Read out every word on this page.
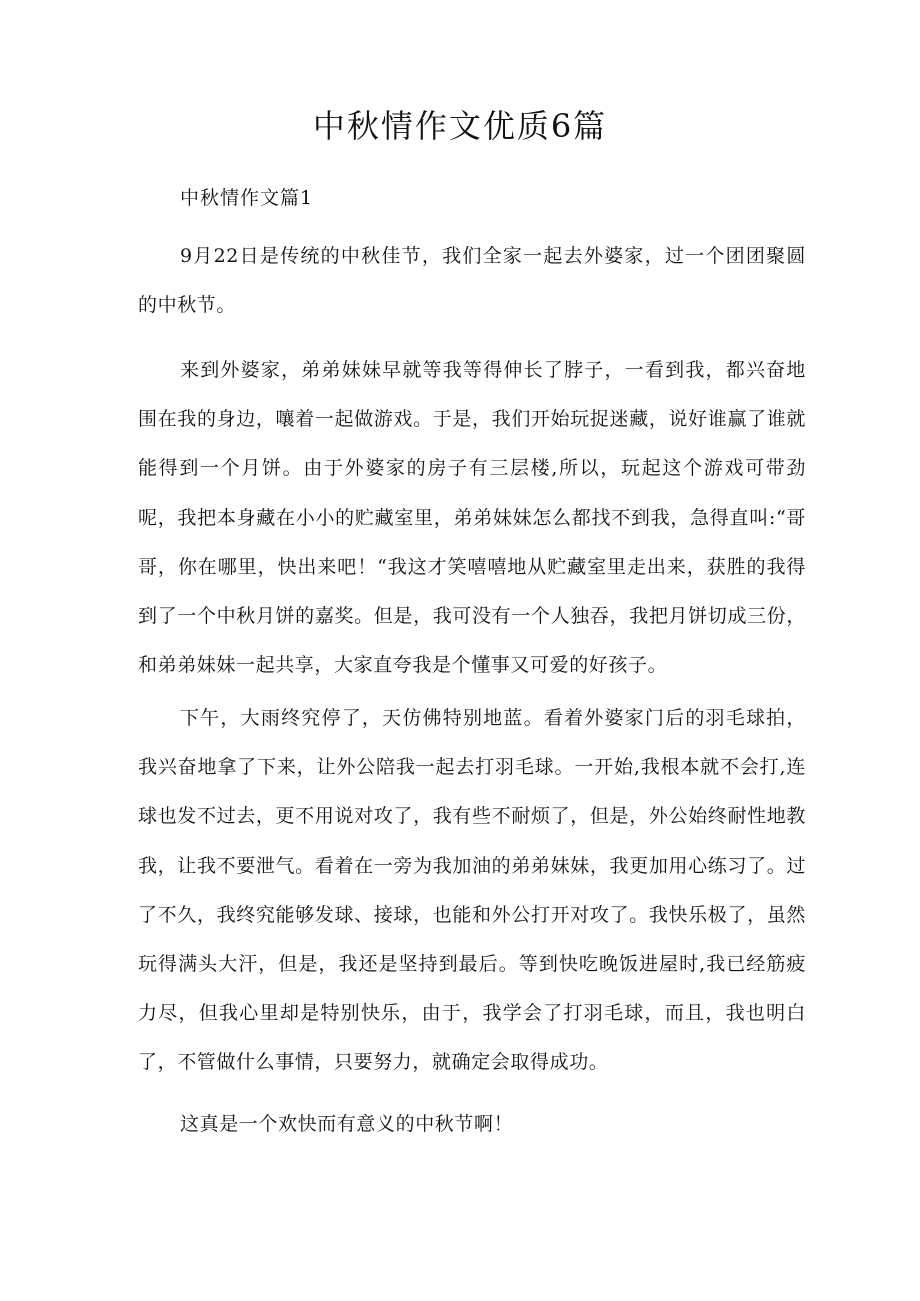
中秋情作文优质6篇

中秋情作文篇1

9月22日是传统的中秋佳节，我们全家一起去外婆家，过一个团团聚圆的中秋节。

来到外婆家，弟弟妹妹早就等我等得伸长了脖子，一看到我，都兴奋地围在我的身边，嚷着一起做游戏。于是，我们开始玩捉迷藏，说好谁赢了谁就能得到一个月饼。由于外婆家的房子有三层楼,所以，玩起这个游戏可带劲呢，我把本身藏在小小的贮藏室里，弟弟妹妹怎么都找不到我，急得直叫:“哥哥，你在哪里，快出来吧！“我这才笑嘻嘻地从贮藏室里走出来，获胜的我得到了一个中秋月饼的嘉奖。但是，我可没有一个人独吞，我把月饼切成三份，和弟弟妹妹一起共享，大家直夸我是个懂事又可爱的好孩子。

下午，大雨终究停了，天仿佛特别地蓝。看着外婆家门后的羽毛球拍，我兴奋地拿了下来，让外公陪我一起去打羽毛球。一开始,我根本就不会打,连球也发不过去，更不用说对攻了，我有些不耐烦了，但是，外公始终耐性地教我，让我不要泄气。看着在一旁为我加油的弟弟妹妹，我更加用心练习了。过了不久，我终究能够发球、接球，也能和外公打开对攻了。我快乐极了，虽然玩得满头大汗，但是，我还是坚持到最后。等到快吃晚饭进屋时,我已经筋疲力尽，但我心里却是特别快乐，由于，我学会了打羽毛球，而且，我也明白了，不管做什么事情，只要努力，就确定会取得成功。

这真是一个欢快而有意义的中秋节啊！
